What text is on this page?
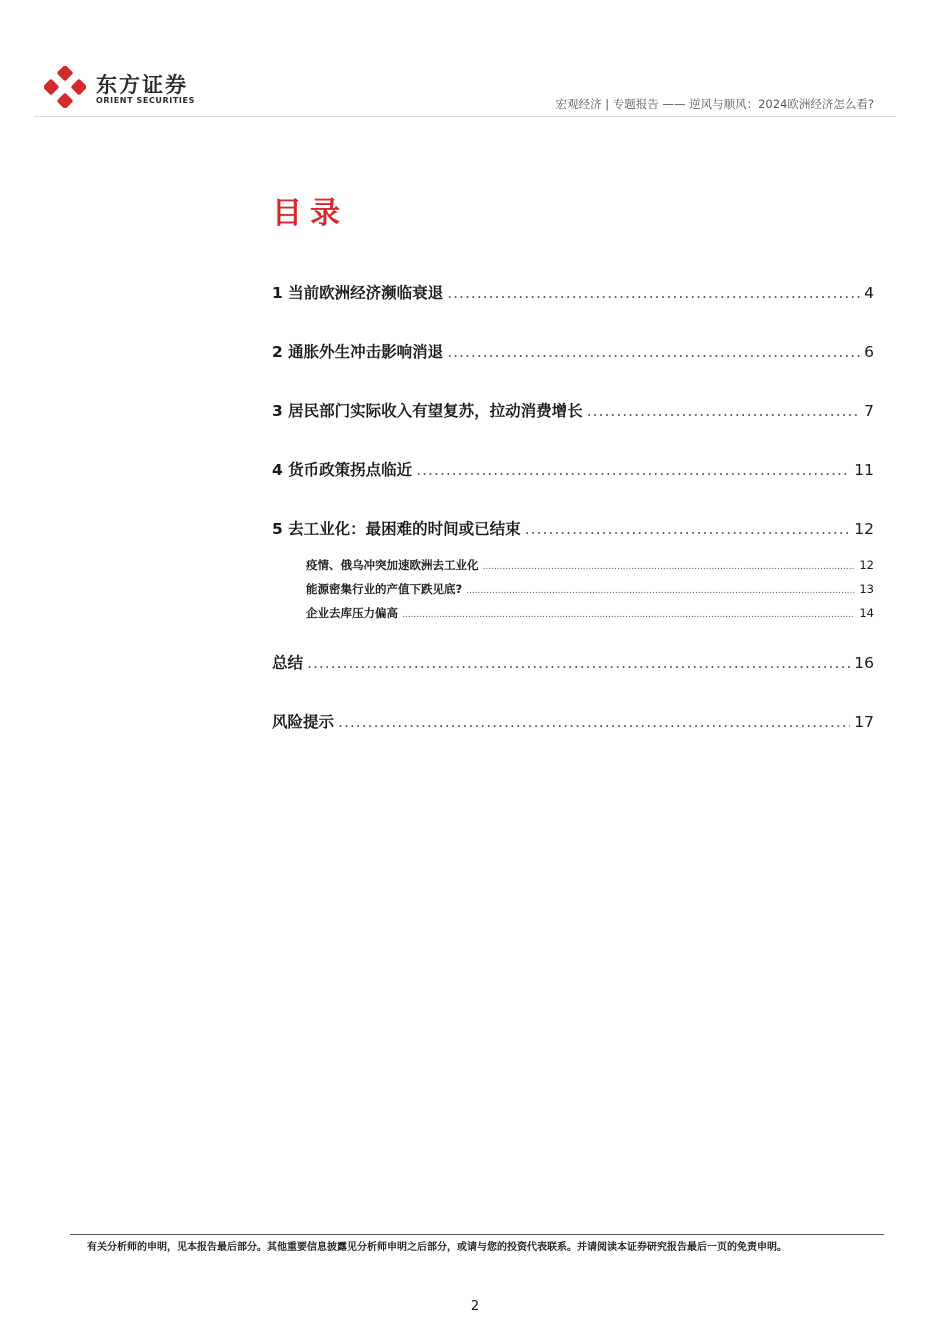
东方证券
ORIENT SECURITIES	宏观经济 | 专题报告 —— 逆风与顺风：2024欧洲经济怎么看?
目录
1 当前欧洲经济濒临衰退 .....	4
2 通胀外生冲击影响消退 .....	6
3 居民部门实际收入有望复苏，拉动消费增长 .....	7
4 货币政策拐点临近 .....	11
5 去工业化：最困难的时间或已结束 .....	12
疫情、俄乌冲突加速欧洲去工业化 .....	12
能源密集行业的产值下跌见底? .....	13
企业去库压力偏高 .....	14
总结 .....	16
风险提示 .....	17
有关分析师的申明，见本报告最后部分。其他重要信息披露见分析师申明之后部分，或请与您的投资代表联系。并请阅读本证券研究报告最后一页的免责申明。
2
